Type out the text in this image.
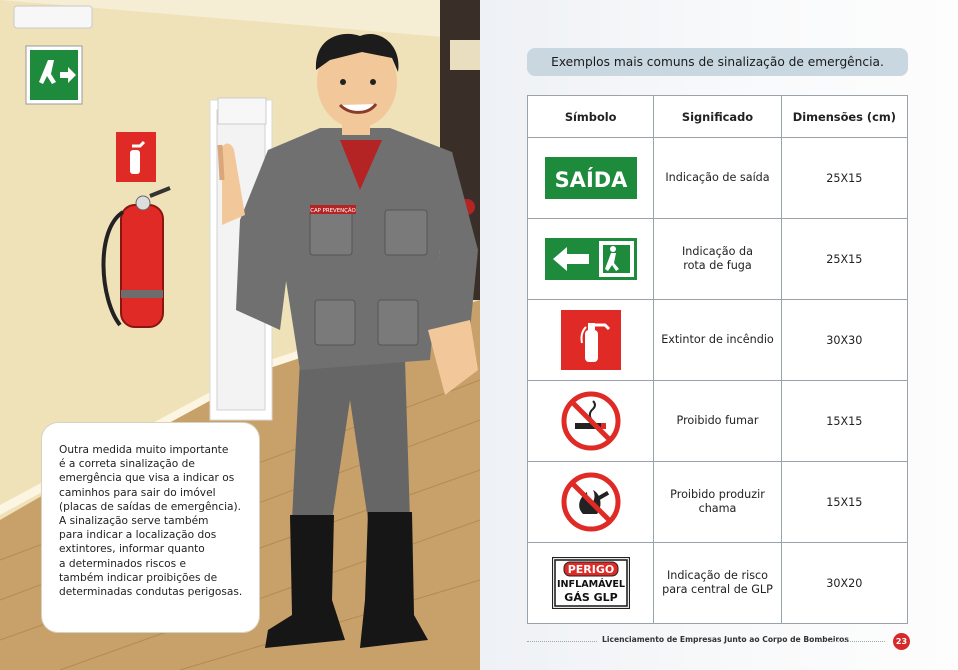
CAP PREVENÇÃO

Outra medida muito importante
é a correta sinalização de
emergência que visa a indicar os
caminhos para sair do imóvel
(placas de saídas de emergência).
A sinalização serve também
para indicar a localização dos
extintores, informar quanto
a determinados riscos e
também indicar proibições de
determinadas condutas perigosas.

Exemplos mais comuns de sinalização de emergência.
Símbolo	Significado	Dimensões (cm)

SAÍDA	Indicação de saída	25X15

Indicação da
rota de fuga	25X15

Extintor de incêndio	30X30

Proibido fumar	15X15

Proibido produzir
chama	15X15

PERIGO
INFLAMÁVEL
GÁS GLP	Indicação de risco
para central de GLP	30X20
Licenciamento de Empresas Junto ao Corpo de Bombeiros	23
